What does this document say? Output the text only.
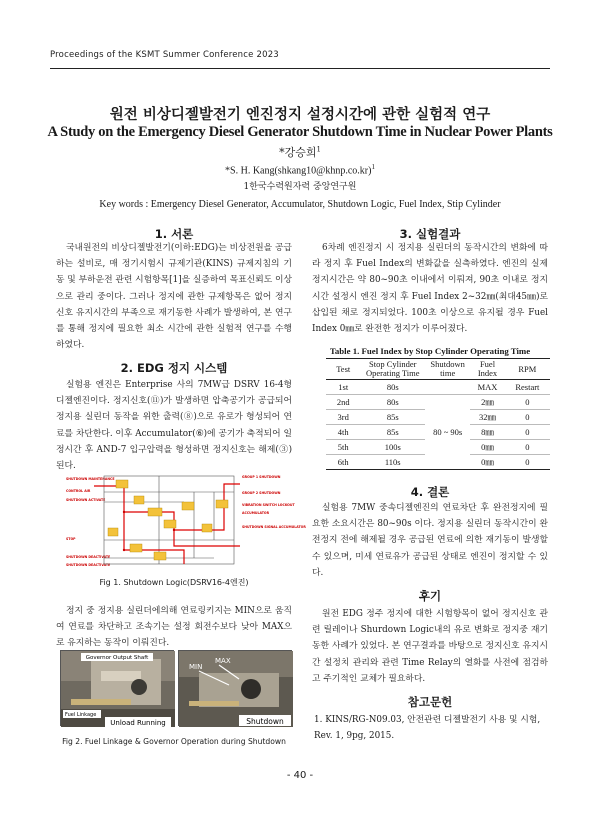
Proceedings of the KSMT Summer Conference 2023
원전 비상디젤발전기 엔진정지 설정시간에 관한 실험적 연구
A Study on the Emergency Diesel Generator Shutdown Time in Nuclear Power Plants
*강승희$^1$
*S. H. Kang(shkang10@khnp.co.kr)$^1$
1한국수력원자력 중앙연구원
Key words : Emergency Diesel Generator, Accumulator, Shutdown Logic, Fuel Index, Stip Cylinder
1. 서론

국내원전의 비상디젤발전기(이하:EDG)는 비상전원을 공급하는 설비로, 매 정기시험시 규제기관(KINS) 규제지침의 기동 및 부하운전 관련 시험항목[1]을 실증하여 목표신뢰도 이상으로 관리 중이다. 그러나 정지에 관한 규제항목은 없어 정지신호 유지시간의 부족으로 재기동한 사례가 발생하여, 본 연구를 통해 정지에 필요한 최소 시간에 관한 실험적 연구를 수행하였다.

2. EDG 정지 시스템

실험용 엔진은 Enterprise 사의 7MW급 DSRV 16-4형 디젤엔진이다. 정지신호(⑪)가 발생하면 압축공기가 공급되어 정지용 실린더 동작을 위한 출력(⑧)으로 유로가 형성되어 연료를 차단한다. 이후 Accumulator(⑥)에 공기가 축적되어 일정시간 후 AND-7 입구압력을 형성하면 정지신호는 해제(③)된다.

SHUTDOWN MAINTENANCE
CONTROL AIR
SHUTDOWN ACTIVATE
STOP
SHUTDOWN DEACTIVATE
SHUTDOWN DEACTIVATE
GROUP 1 SHUTDOWN
GROUP 2 SHUTDOWN
VIBRATION SWITCH LOCKOUT
ACCUMULATOR
SHUTDOWN SIGNAL ACCUMULATOR
Fig 1. Shutdown Logic(DSRV16-4엔진)

정지 중 정지용 실린더에의해 연료링키지는 MIN으로 움직여 연료를 차단하고 조속기는 설정 회전수보다 낮아 MAX으로 유지하는 동작이 이뤄진다.

Governor Output Shaft
Fuel Linkage
Unload Running
MIN
MAX
Shutdown
Fig 2. Fuel Linkage & Governor Operation during Shutdown
3. 실험결과

6차례 엔진정지 시 정지용 실린더의 동작시간의 변화에 따라 정지 후 Fuel Index의 변화값을 실측하였다. 엔진의 실제 정지시간은 약 80~90초 이내에서 이뤄져, 90초 이내로 정지시간 설정시 엔진 정지 후 Fuel Index 2~32㎜(최대45㎜)로 삽입된 채로 정지되었다. 100초 이상으로 유지될 경우 Fuel Index 0㎜로 완전한 정지가 이루어졌다.

Table 1. Fuel Index by Stop Cylinder Operating Time
Test	Stop Cylinder Operating Time	Shutdown time	Fuel Index	RPM
1st	80s		MAX	Restart
2nd	80s	80 ~ 90s	2㎜	0
3rd	85s		32㎜	0
4th	85s		8㎜	0
5th	100s		0㎜	0
6th	110s		0㎜	0
4. 결론

실험용 7MW 중속디젤엔진의 연료차단 후 완전정지에 필요한 소요시간은 80~90s 이다. 정지용 실린더 동작시간이 완전정지 전에 해제될 경우 공급된 연료에 의한 재기동이 발생할 수 있으며, 미세 연료유가 공급된 상태로 엔진이 정지할 수 있다.

후기

원전 EDG 정주 정지에 대한 시험항목이 없어 정지신호 관련 릴레이나 Shurdown Logic내의 유로 변화로 정지중 재기동한 사례가 있었다. 본 연구결과를 바탕으로 정지신호 유지시간 설정치 관리와 관련 Time Relay의 열화를 사전에 점검하고 주기적인 교체가 필요하다.

참고문헌
1. KINS/RG-N09.03, 안전관련 디젤발전기 사용 및 시험, Rev. 1, 9pg, 2015.
- 40 -
